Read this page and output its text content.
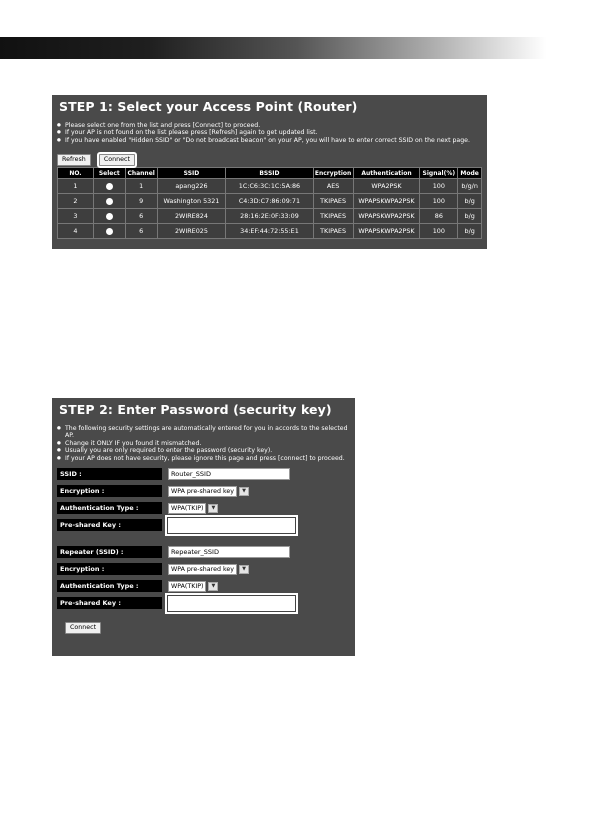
STEP 1: Select your Access Point (Router)
● Please select one from the list and press [Connect] to proceed.
● If your AP is not found on the list please press [Refresh] again to get updated list.
● If you have enabled "Hidden SSID" or "Do not broadcast beacon" on your AP, you will have to enter correct SSID on the next page.
Refresh	Connect
NO.	Select	Channel	SSID	BSSID	Encryption	Authentication	Signal(%)	Mode
1		1	apang226	1C:C6:3C:1C:5A:86	AES	WPA2PSK	100	b/g/n
2		9	Washington 5321	C4:3D:C7:86:09:71	TKIPAES	WPAPSKWPA2PSK	100	b/g
3		6	2WIRE824	28:16:2E:0F:33:09	TKIPAES	WPAPSKWPA2PSK	86	b/g
4		6	2WIRE025	34:EF:44:72:55:E1	TKIPAES	WPAPSKWPA2PSK	100	b/g
STEP 2: Enter Password (security key)
● The following security settings are automatically entered for you in accords to the selected AP.
● Change it ONLY IF you found it mismatched.
● Usually you are only required to enter the password (security key).
● If your AP does not have security, please ignore this page and press [connect] to proceed.
SSID :	Router_SSID
Encryption :	WPA pre-shared key	▼
Authentication Type :	WPA(TKIP)	▼
Pre-shared Key :
Repeater (SSID) :	Repeater_SSID
Encryption :	WPA pre-shared key	▼
Authentication Type :	WPA(TKIP)	▼
Pre-shared Key :
Connect
